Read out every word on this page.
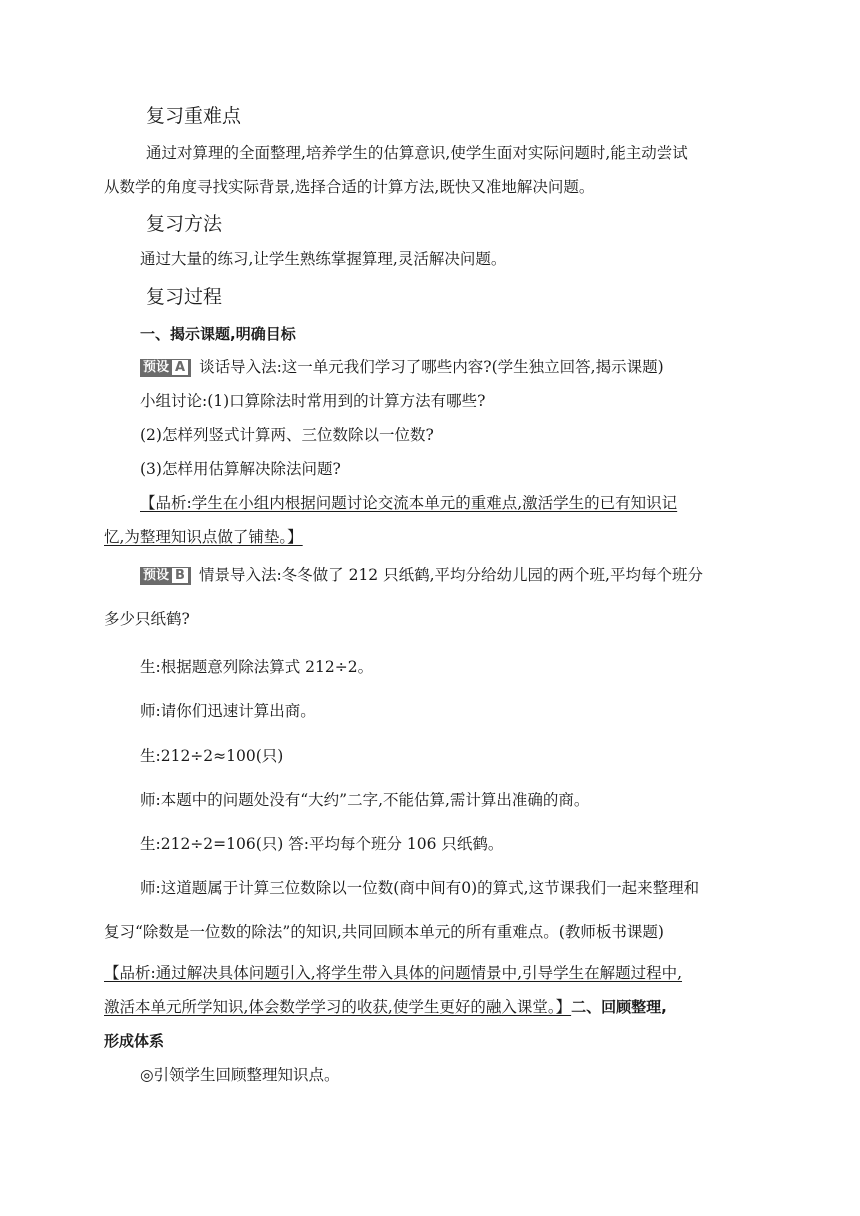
复习重难点
通过对算理的全面整理,培养学生的估算意识,使学生面对实际问题时,能主动尝试
从数学的角度寻找实际背景,选择合适的计算方法,既快又准地解决问题。
复习方法
通过大量的练习,让学生熟练掌握算理,灵活解决问题。
复习过程
一、揭示课题,明确目标
预设 A 谈话导入法:这一单元我们学习了哪些内容?(学生独立回答,揭示课题)
小组讨论:(1)口算除法时常用到的计算方法有哪些?
(2)怎样列竖式计算两、三位数除以一位数?
(3)怎样用估算解决除法问题?
【品析:学生在小组内根据问题讨论交流本单元的重难点,激活学生的已有知识记
忆,为整理知识点做了铺垫。】
预设 B 情景导入法:冬冬做了 212 只纸鹤,平均分给幼儿园的两个班,平均每个班分
多少只纸鹤?
生:根据题意列除法算式 212÷2。
师:请你们迅速计算出商。
生:212÷2≈100(只)
师:本题中的问题处没有“大约”二字,不能估算,需计算出准确的商。
生:212÷2=106(只) 答:平均每个班分 106 只纸鹤。
师:这道题属于计算三位数除以一位数(商中间有0)的算式,这节课我们一起来整理和
复习“除数是一位数的除法”的知识,共同回顾本单元的所有重难点。(教师板书课题)
【品析:通过解决具体问题引入,将学生带入具体的问题情景中,引导学生在解题过程中,
激活本单元所学知识,体会数学学习的收获,使学生更好的融入课堂。】二、回顾整理,
形成体系
◎引领学生回顾整理知识点。
